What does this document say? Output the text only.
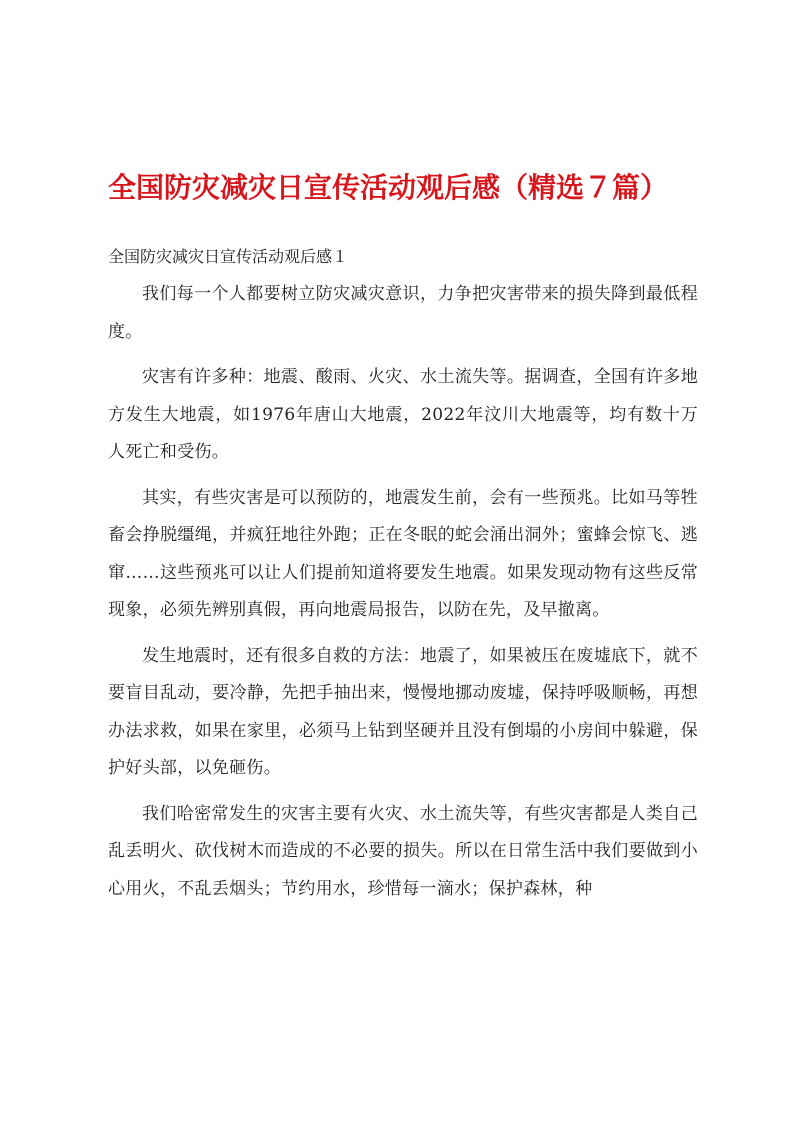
全国防灾减灾日宣传活动观后感（精选７篇）

全国防灾减灾日宣传活动观后感１

我们每一个人都要树立防灾减灾意识，力争把灾害带来的损失降到最低程度。

灾害有许多种：地震、酸雨、火灾、水土流失等。据调查，全国有许多地方发生大地震，如1976年唐山大地震，2022年汶川大地震等，均有数十万人死亡和受伤。

其实，有些灾害是可以预防的，地震发生前，会有一些预兆。比如马等牲畜会挣脱缰绳，并疯狂地往外跑；正在冬眠的蛇会涌出洞外；蜜蜂会惊飞、逃窜……这些预兆可以让人们提前知道将要发生地震。如果发现动物有这些反常现象，必须先辨别真假，再向地震局报告，以防在先，及早撤离。

发生地震时，还有很多自救的方法：地震了，如果被压在废墟底下，就不要盲目乱动，要冷静，先把手抽出来，慢慢地挪动废墟，保持呼吸顺畅，再想办法求救，如果在家里，必须马上钻到坚硬并且没有倒塌的小房间中躲避，保护好头部，以免砸伤。

我们哈密常发生的灾害主要有火灾、水土流失等，有些灾害都是人类自己乱丢明火、砍伐树木而造成的不必要的损失。所以在日常生活中我们要做到小心用火，不乱丢烟头；节约用水，珍惜每一滴水；保护森林，种
